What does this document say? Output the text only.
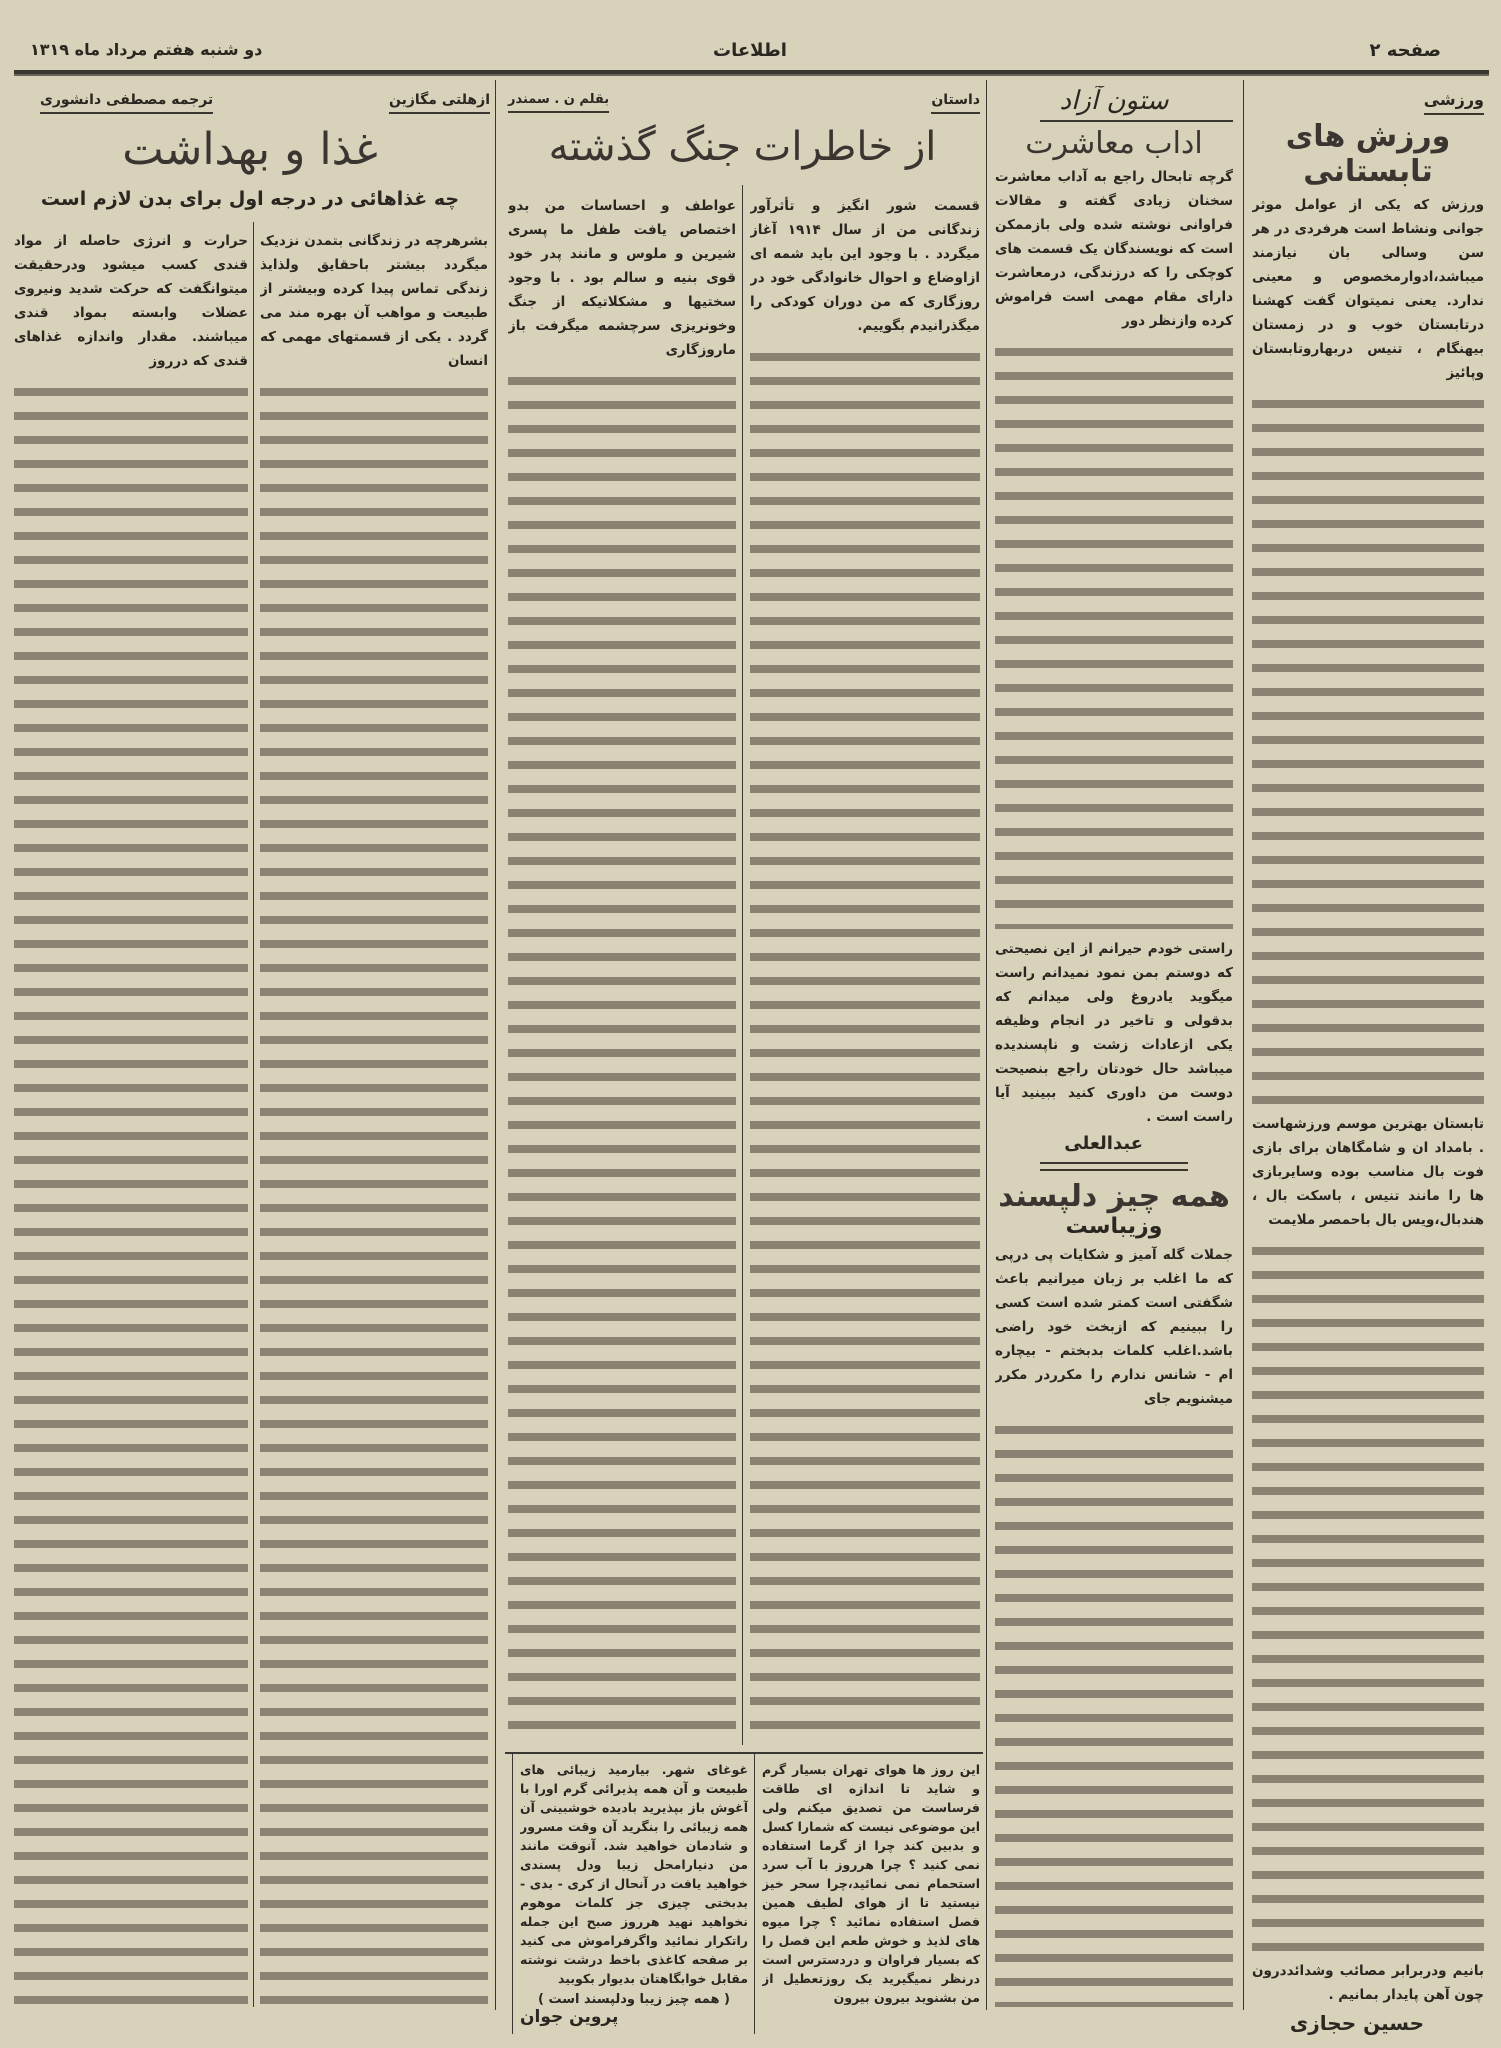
صفحه ۲
اطلاعات
دو شنبه هفتم مرداد ماه ۱۳۱۹
ورزشی
ورزش های تابستانی
ورزش که یکی از عوامل موثر جوانی ونشاط است هرفردی در هر سن وسالی بان نیازمند میباشد،ادوارمخصوص و معینی ندارد. یعنی نمیتوان گفت کهشنا درتابستان خوب و در زمستان بیهنگام ، تنیس دربهاروتابستان وپائیز
تابستان بهترین موسم ورزشهاست . بامداد ان و شامگاهان برای بازی فوت بال مناسب بوده وسایربازی ها را مانند تنیس ، باسکت بال ، هندبال،ویس بال باحمصر ملایمت
بانیم ودربرابر مصائب وشدائددرون چون آهن پایدار بمانیم .
حسین حجازی
ستون آزاد
اداب معاشرت
گرچه تابحال راجع به آداب معاشرت سخنان زیادی گفته و مقالات فراوانی نوشته شده ولی بازممکن است که نویسندگان یک قسمت های کوچکی را که درزندگی، درمعاشرت دارای مقام مهمی است فراموش کرده وازنظر دور
راستی خودم حیرانم از این نصیحتی که دوستم بمن نمود نمیدانم راست میگوید یادروغ ولی میدانم که بدقولی و تاخیر در انجام وظیفه یکی ازعادات زشت و ناپسندیده میباشد حال خودتان راجع بنصیحت دوست من داوری کنید ببینید آیا راست است .
عبدالعلی
همه چیز دلپسند
وزیباست
جملات گله آمیز و شکایات پی درپی که ما اغلب بر زبان میرانیم باعث شگفتی است کمتر شده است کسی را ببینیم که ازبخت خود راضی باشد.اغلب کلمات بدبختم - بیچاره ام - شانس ندارم را مکرردر مکرر میشنویم جای
این روز ها هوای تهران بسیار گرم و شاید تا اندازه ای طاقت فرساست من تصدیق میکنم ولی این موضوعی نیست که شمارا کسل و بدبین کند چرا از گرما استفاده نمی کنید ؟ چرا هرروز با آب سرد استحمام نمی نمائید،چرا سحر خیز نیستید تا از هوای لطیف همین فصل استفاده نمائید ؟ چرا میوه های لذیذ و خوش طعم این فصل را که بسیار فراوان و دردسترس است درنظر نمیگیرید یک روزتعطیل از من بشنوید بیرون بیرون
غوغای شهر. بیارمید زیبائی های طبیعت و آن همه پذیرائی گرم اورا با آغوش باز بپذیرید بادیده خوشبینی آن همه زیبائی را بنگرید آن وقت مسرور و شادمان خواهید شد. آنوقت مانند من دنیارامحل زیبا ودل پسندی خواهید یافت در آنحال از کری - بدی - بدبختی چیزی جز کلمات موهوم نخواهید نهید هرروز صبح این جمله راتکرار نمائید واگرفراموش می کنید بر صفحه کاغذی باخط درشت نوشته مقابل خوابگاهتان بدیوار بکوبید
( همه چیز زیبا ودلپسند است )
پروین جوان
بقلم ن . سمندر	داستان
از خاطرات جنگ گذشته
قسمت شور انگیز و تأثرآور زندگانی من از سال ۱۹۱۴ آغاز میگردد . با وجود این باید شمه ای ازاوضاع و احوال خانوادگی خود در روزگاری که من دوران کودکی را میگذرانیدم بگوییم.
عواطف و احساسات من بدو اختصاص یافت طفل ما پسری شیرین و ملوس و مانند پدر خود قوی بنیه و سالم بود . با وجود سختیها و مشکلاتیکه از جنگ وخونریزی سرچشمه میگرفت باز ماروزگاری
ترجمه مصطفی دانشوری	ازهلتی مگازین
غذا و بهداشت
چه غذاهائی در درجه اول برای بدن لازم است
بشرهرچه در زندگانی بتمدن نزدیک میگردد بیشتر باحقایق ولذایذ زندگی تماس پیدا کرده وبیشتر از طبیعت و مواهب آن بهره مند می گردد . یکی از قسمتهای مهمی که انسان
حرارت و انرژی حاصله از مواد قندی کسب میشود ودرحقیقت میتوانگفت که حرکت شدید ونیروی عضلات وابسته بمواد قندی میباشند. مقدار واندازه غذاهای قندی که درروز
